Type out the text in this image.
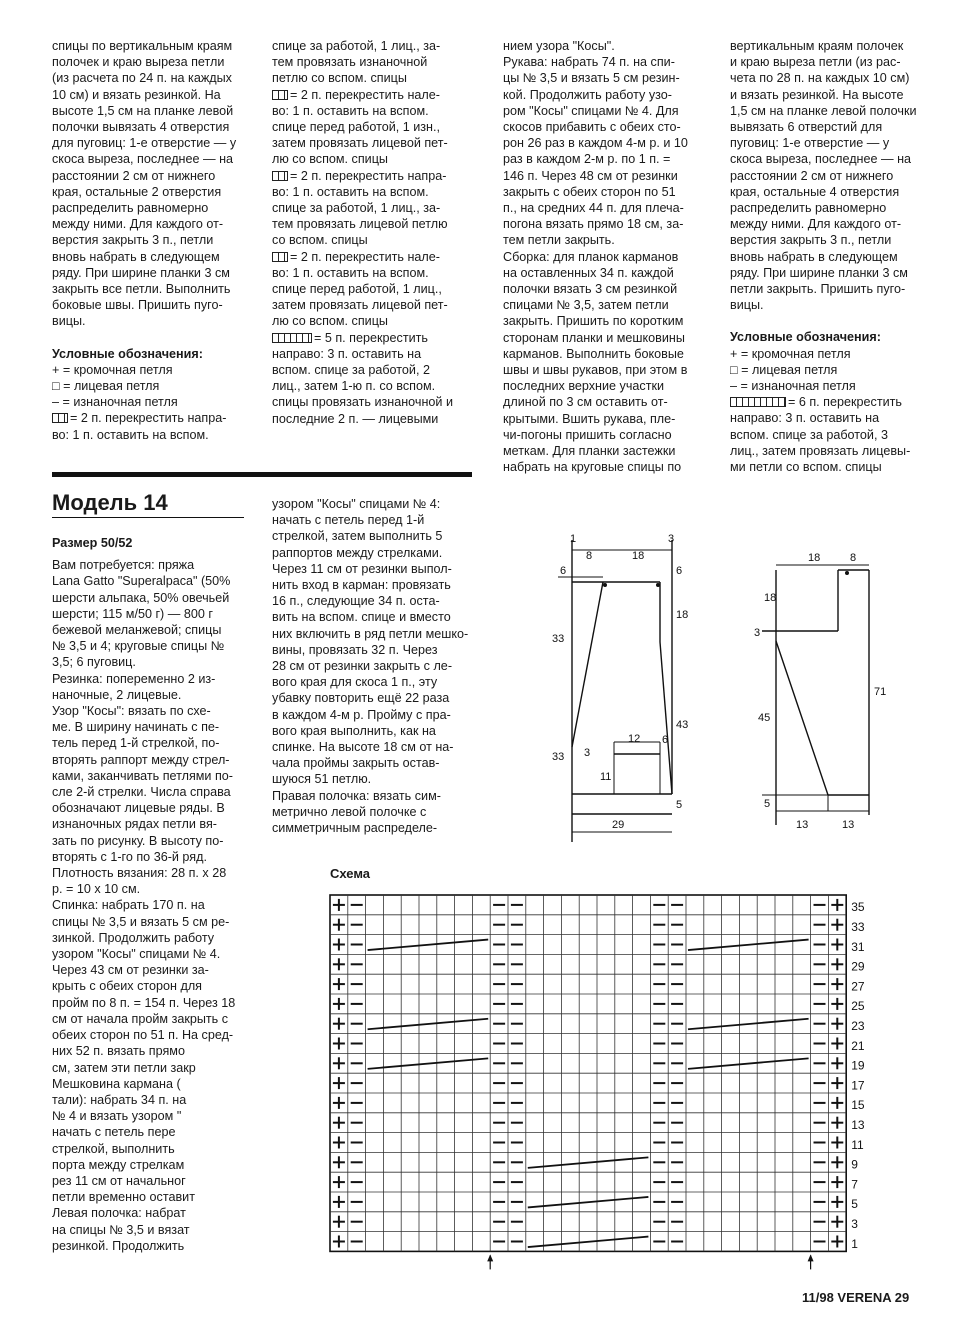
спицы по вертикальным краям

полочек и краю выреза петли

(из расчета по 24 п. на каждых

10 см) и вязать резинкой. На

высоте 1,5 см на планке левой

полочки вывязать 4 отверстия

для пуговиц: 1-е отверстие — у

скоса выреза, последнее — на

расстоянии 2 см от нижнего

края, остальные 2 отверстия

распределить равномерно

между ними. Для каждого от-

верстия закрыть 3 п., петли

вновь набрать в следующем

ряду. При ширине планки 3 см

закрыть все петли. Выполнить

боковые швы. Пришить пуго-

вицы.

Условные обозначения:

+ = кромочная петля

□ = лицевая петля

– = изнаночная петля

= 2 п. перекрестить напра-

во: 1 п. оставить на вспом.

спице за работой, 1 лиц., за-

тем провязать изнаночной

петлю со вспом. спицы

= 2 п. перекрестить нале-

во: 1 п. оставить на вспом.

спице перед работой, 1 изн.,

затем провязать лицевой пет-

лю со вспом. спицы

= 2 п. перекрестить напра-

во: 1 п. оставить на вспом.

спице за работой, 1 лиц., за-

тем провязать лицевой петлю

со вспом. спицы

= 2 п. перекрестить нале-

во: 1 п. оставить на вспом.

спице перед работой, 1 лиц.,

затем провязать лицевой пет-

лю со вспом. спицы

= 5 п. перекрестить

направо: 3 п. оставить на

вспом. спице за работой, 2

лиц., затем 1-ю п. со вспом.

спицы провязать изнаночной и

последние 2 п. — лицевыми

нием узора "Косы".

Рукава: набрать 74 п. на спи-

цы № 3,5 и вязать 5 см резин-

кой. Продолжить работу узо-

ром "Косы" спицами № 4. Для

скосов прибавить с обеих сто-

рон 26 раз в каждом 4-м р. и 10

раз в каждом 2-м р. по 1 п. =

146 п. Через 48 см от резинки

закрыть с обеих сторон по 51

п., на средних 44 п. для плеча-

погона вязать прямо 18 см, за-

тем петли закрыть.

Сборка: для планок карманов

на оставленных 34 п. каждой

полочки вязать 3 см резинкой

спицами № 3,5, затем петли

закрыть. Пришить по коротким

сторонам планки и мешковины

карманов. Выполнить боковые

швы и швы рукавов, при этом в

последних верхние участки

длиной по 3 см оставить от-

крытыми. Вшить рукава, пле-

чи-погоны пришить согласно

меткам. Для планки застежки

набрать на круговые спицы по

вертикальным краям полочек

и краю выреза петли (из рас-

чета по 28 п. на каждых 10 см)

и вязать резинкой. На высоте

1,5 см на планке левой полочки

вывязать 6 отверстий для

пуговиц: 1-е отверстие — у

скоса выреза, последнее — на

расстоянии 2 см от нижнего

края, остальные 4 отверстия

распределить равномерно

между ними. Для каждого от-

верстия закрыть 3 п., петли

вновь набрать в следующем

ряду. При ширине планки 3 см

петли закрыть. Пришить пуго-

вицы.

Условные обозначения:

+ = кромочная петля

□ = лицевая петля

– = изнаночная петля

= 6 п. перекрестить

направо: 3 п. оставить на

вспом. спице за работой, 3

лиц., затем провязать лицевы-

ми петли со вспом. спицы

Модель 14

Размер 50/52

Вам потребуется: пряжа

Lana Gatto "Superalpaca" (50%

шерсти альпака, 50% овечьей

шерсти; 115 м/50 г) — 800 г

бежевой меланжевой; спицы

№ 3,5 и 4; круговые спицы №

3,5; 6 пуговиц.

Резинка: попеременно 2 из-

наночные, 2 лицевые.

Узор "Косы": вязать по схе-

ме. В ширину начинать с пе-

тель перед 1-й стрелкой, по-

вторять раппорт между стрел-

ками, заканчивать петлями по-

сле 2-й стрелки. Числа справа

обозначают лицевые ряды. В

изнаночных рядах петли вя-

зать по рисунку. В высоту по-

вторять с 1-го по 36-й ряд.

Плотность вязания: 28 п. x 28

р. = 10 x 10 см.

Спинка: набрать 170 п. на

спицы № 3,5 и вязать 5 см ре-

зинкой. Продолжить работу

узором "Косы" спицами № 4.

Через 43 см от резинки за-

крыть с обеих сторон для

пройм по 8 п. = 154 п. Через 18

см от начала пройм закрыть с

обеих сторон по 51 п. На сред-

них 52 п. вязать прямо

см, затем эти петли закр

Мешковина кармана (

тали): набрать 34 п. на

№ 4 и вязать узором "

начать с петель пере

стрелкой, выполнить

порта между стрелкам

рез 11 см от начальног

петли временно оставит

Левая полочка: набрат

на спицы № 3,5 и вязат

резинкой. Продолжить

узором "Косы" спицами № 4:

начать с петель перед 1-й

стрелкой, затем выполнить 5

раппортов между стрелками.

Через 11 см от резинки выпол-

нить вход в карман: провязать

16 п., следующие 34 п. оста-

вить на вспом. спице и вместо

них включить в ряд петли мешко-

вины, провязать 32 п. Через

28 см от резинки закрыть с ле-

вого края для скоса 1 п., эту

убавку повторить ещё 22 раза

в каждом 4-м р. Пройму с пра-

вого края выполнить, как на

спинке. На высоте 18 см от на-

чала проймы закрыть остав-

шуюся 51 петлю.

Правая полочка: вязать сим-

метрично левой полочке с

симметричным распределе-

1
8	18
3
6	6
18
33
43
33 3
12 6
11
5
29
18	8
18
3
71
45
5
13	13
Схема
35
33
31
29
27
25
23
21
19
17
15
13
11
9
7
5
3
1
11/98 VERENA 29
